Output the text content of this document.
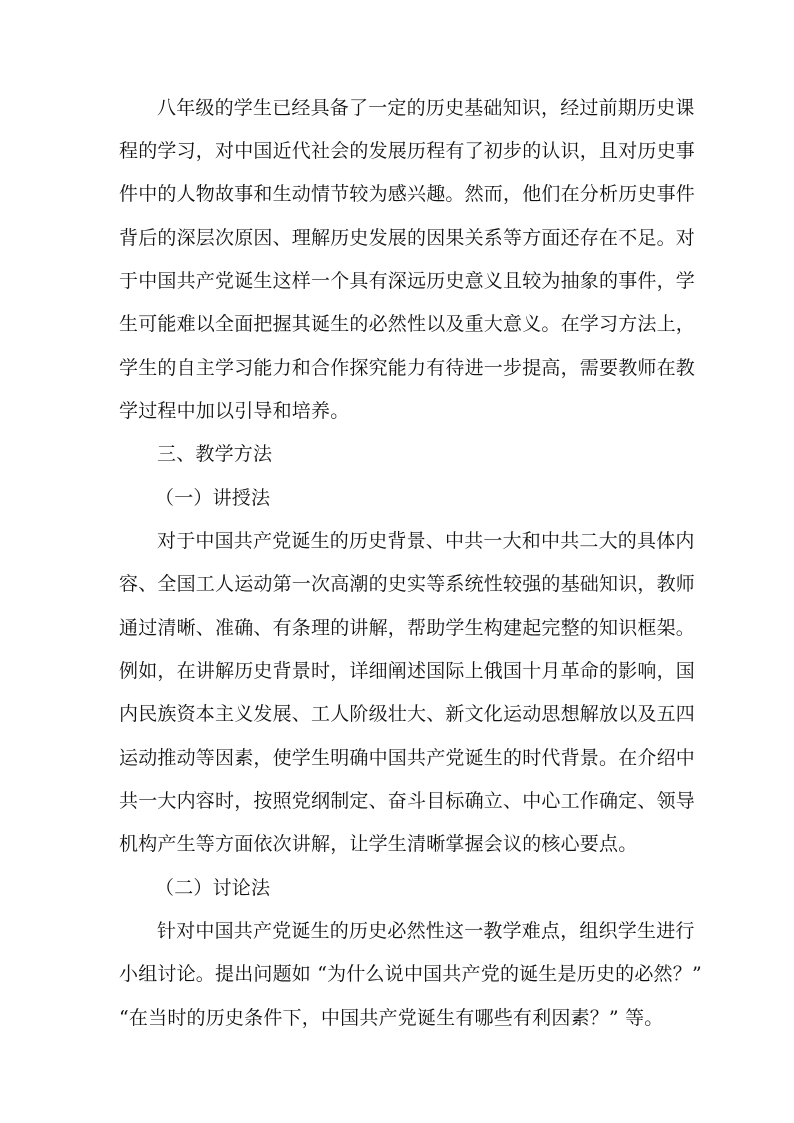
八年级的学生已经具备了一定的历史基础知识，经过前期历史课
程的学习，对中国近代社会的发展历程有了初步的认识，且对历史事
件中的人物故事和生动情节较为感兴趣。然而，他们在分析历史事件
背后的深层次原因、理解历史发展的因果关系等方面还存在不足。对
于中国共产党诞生这样一个具有深远历史意义且较为抽象的事件，学
生可能难以全面把握其诞生的必然性以及重大意义。在学习方法上，
学生的自主学习能力和合作探究能力有待进一步提高，需要教师在教
学过程中加以引导和培养。
三、教学方法
（一）讲授法
对于中国共产党诞生的历史背景、中共一大和中共二大的具体内
容、全国工人运动第一次高潮的史实等系统性较强的基础知识，教师
通过清晰、准确、有条理的讲解，帮助学生构建起完整的知识框架。
例如，在讲解历史背景时，详细阐述国际上俄国十月革命的影响，国
内民族资本主义发展、工人阶级壮大、新文化运动思想解放以及五四
运动推动等因素，使学生明确中国共产党诞生的时代背景。在介绍中
共一大内容时，按照党纲制定、奋斗目标确立、中心工作确定、领导
机构产生等方面依次讲解，让学生清晰掌握会议的核心要点。
（二）讨论法
针对中国共产党诞生的历史必然性这一教学难点，组织学生进行
小组讨论。提出问题如 “为什么说中国共产党的诞生是历史的必然？”
“在当时的历史条件下，中国共产党诞生有哪些有利因素？” 等。
